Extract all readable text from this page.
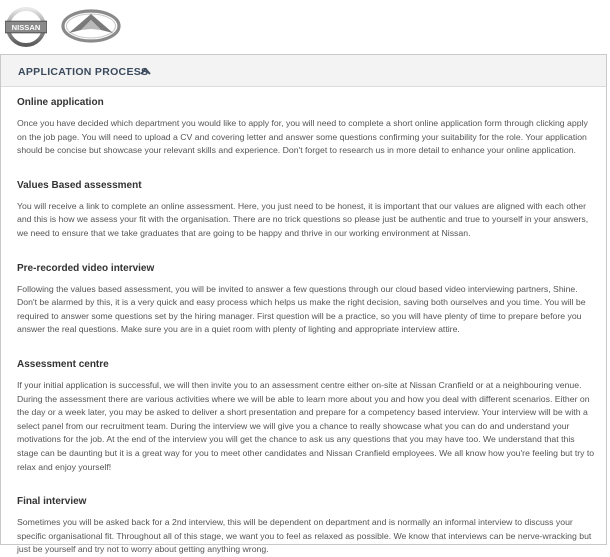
NISSAN
APPLICATION PROCESS
Online application

Once you have decided which department you would like to apply for, you will need to complete a short online application form through clicking apply on the job page. You will need to upload a CV and covering letter and answer some questions confirming your suitability for the role. Your application should be concise but showcase your relevant skills and experience. Don't forget to research us in more detail to enhance your online application.

Values Based assessment

You will receive a link to complete an online assessment. Here, you just need to be honest, it is important that our values are aligned with each other and this is how we assess your fit with the organisation. There are no trick questions so please just be authentic and true to yourself in your answers, we need to ensure that we take graduates that are going to be happy and thrive in our working environment at Nissan.

Pre-recorded video interview

Following the values based assessment, you will be invited to answer a few questions through our cloud based video interviewing partners, Shine. Don't be alarmed by this, it is a very quick and easy process which helps us make the right decision, saving both ourselves and you time. You will be required to answer some questions set by the hiring manager. First question will be a practice, so you will have plenty of time to prepare before you answer the real questions. Make sure you are in a quiet room with plenty of lighting and appropriate interview attire.

Assessment centre

If your initial application is successful, we will then invite you to an assessment centre either on-site at Nissan Cranfield or at a neighbouring venue. During the assessment there are various activities where we will be able to learn more about you and how you deal with different scenarios. Either on the day or a week later, you may be asked to deliver a short presentation and prepare for a competency based interview. Your interview will be with a select panel from our recruitment team. During the interview we will give you a chance to really showcase what you can do and understand your motivations for the job. At the end of the interview you will get the chance to ask us any questions that you may have too. We understand that this stage can be daunting but it is a great way for you to meet other candidates and Nissan Cranfield employees. We all know how you're feeling but try to relax and enjoy yourself!

Final interview

Sometimes you will be asked back for a 2nd interview, this will be dependent on department and is normally an informal interview to discuss your specific organisational fit. Throughout all of this stage, we want you to feel as relaxed as possible. We know that interviews can be nerve-wracking but just be yourself and try not to worry about getting anything wrong.
